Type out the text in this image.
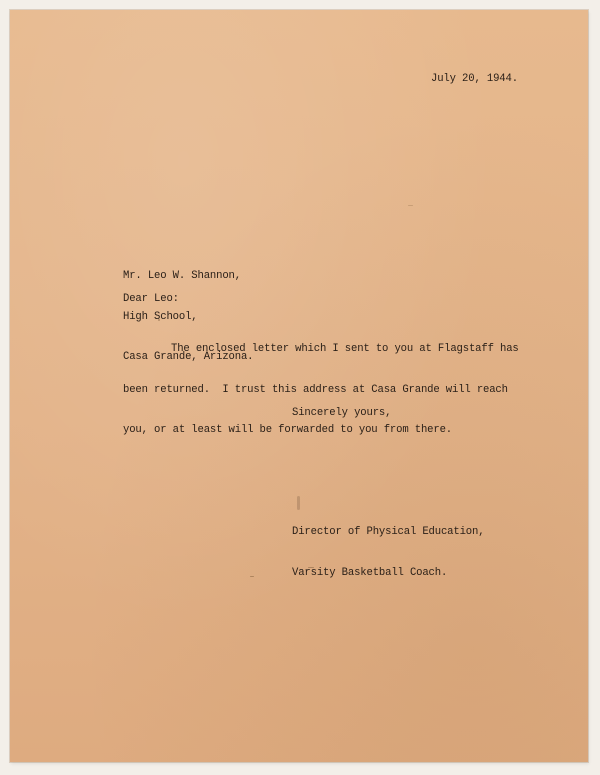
July 20, 1944.

Mr. Leo W. Shannon,

High School,

Casa Grande, Arizona.

Dear Leo:

The enclosed letter which I sent to you at Flagstaff has

been returned.  I trust this address at Casa Grande will reach

you, or at least will be forwarded to you from there.

Sincerely yours,

Director of Physical Education,

Varsity Basketball Coach.
